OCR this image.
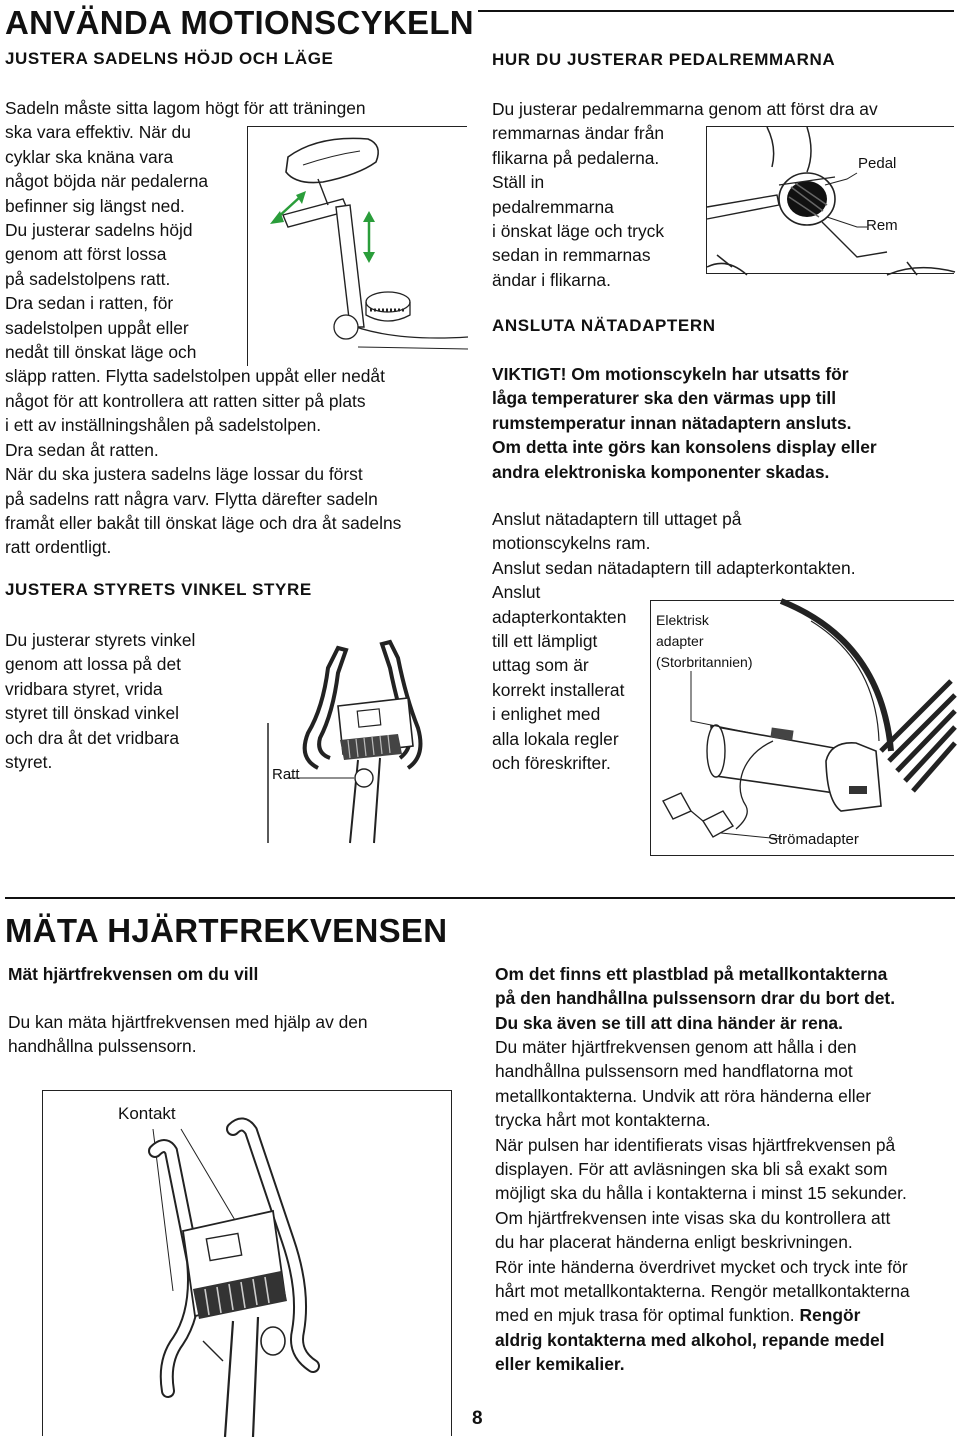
ANVÄNDA MOTIONSCYKELN
JUSTERA SADELNS HÖJD OCH LÄGE

Sadeln måste sitta lagom högt för att träningen

ska vara effektiv. När du

cyklar ska knäna vara

något böjda när pedalerna

befinner sig längst ned.

Du justerar sadelns höjd

genom att först lossa

på sadelstolpens ratt.

Dra sedan i ratten, för

sadelstolpen uppåt eller

nedåt till önskat läge och

släpp ratten. Flytta sadelstolpen uppåt eller nedåt

något för att kontrollera att ratten sitter på plats

i ett av inställningshålen på sadelstolpen.

Dra sedan åt ratten.

När du ska justera sadelns läge lossar du först

på sadelns ratt några varv. Flytta därefter sadeln

framåt eller bakåt till önskat läge och dra åt sadelns

ratt ordentligt.

JUSTERA STYRETS VINKEL STYRE

Du justerar styrets vinkel

genom att lossa på det

vridbara styret, vrida

styret till önskad vinkel

och dra åt det vridbara

styret.

Ratt
HUR DU JUSTERAR PEDALREMMARNA

Du justerar pedalremmarna genom att först dra av

remmarnas ändar från

flikarna på pedalerna.

Ställ in

pedalremmarna

i önskat läge och tryck

sedan in remmarnas

ändar i flikarna.

Pedal
Rem
ANSLUTA NÄTADAPTERN

VIKTIGT! Om motionscykeln har utsatts för

låga temperaturer ska den värmas upp till

rumstemperatur innan nätadaptern ansluts.

Om detta inte görs kan konsolens display eller

andra elektroniska komponenter skadas.

Anslut nätadaptern till uttaget på

motionscykelns ram.

Anslut sedan nätadaptern till adapterkontakten.

Anslut

adapterkontakten

till ett lämpligt

uttag som är

korrekt installerat

i enlighet med

alla lokala regler

och föreskrifter.

Elektrisk
adapter
(Storbritannien)
Strömadapter
MÄTA HJÄRTFREKVENSEN
Mät hjärtfrekvensen om du vill

Du kan mäta hjärtfrekvensen med hjälp av den

handhållna pulssensorn.

Kontakt

Om det finns ett plastblad på metallkontakterna

på den handhållna pulssensorn drar du bort det.

Du ska även se till att dina händer är rena.

Du mäter hjärtfrekvensen genom att hålla i den

handhållna pulssensorn med handflatorna mot

metallkontakterna. Undvik att röra händerna eller

trycka hårt mot kontakterna.

När pulsen har identifierats visas hjärtfrekvensen på

displayen. För att avläsningen ska bli så exakt som

möjligt ska du hålla i kontakterna i minst 15 sekunder.

Om hjärtfrekvensen inte visas ska du kontrollera att

du har placerat händerna enligt beskrivningen.

Rör inte händerna överdrivet mycket och tryck inte för

hårt mot metallkontakterna. Rengör metallkontakterna

med en mjuk trasa för optimal funktion. Rengör

aldrig kontakterna med alkohol, repande medel

eller kemikalier.

8
